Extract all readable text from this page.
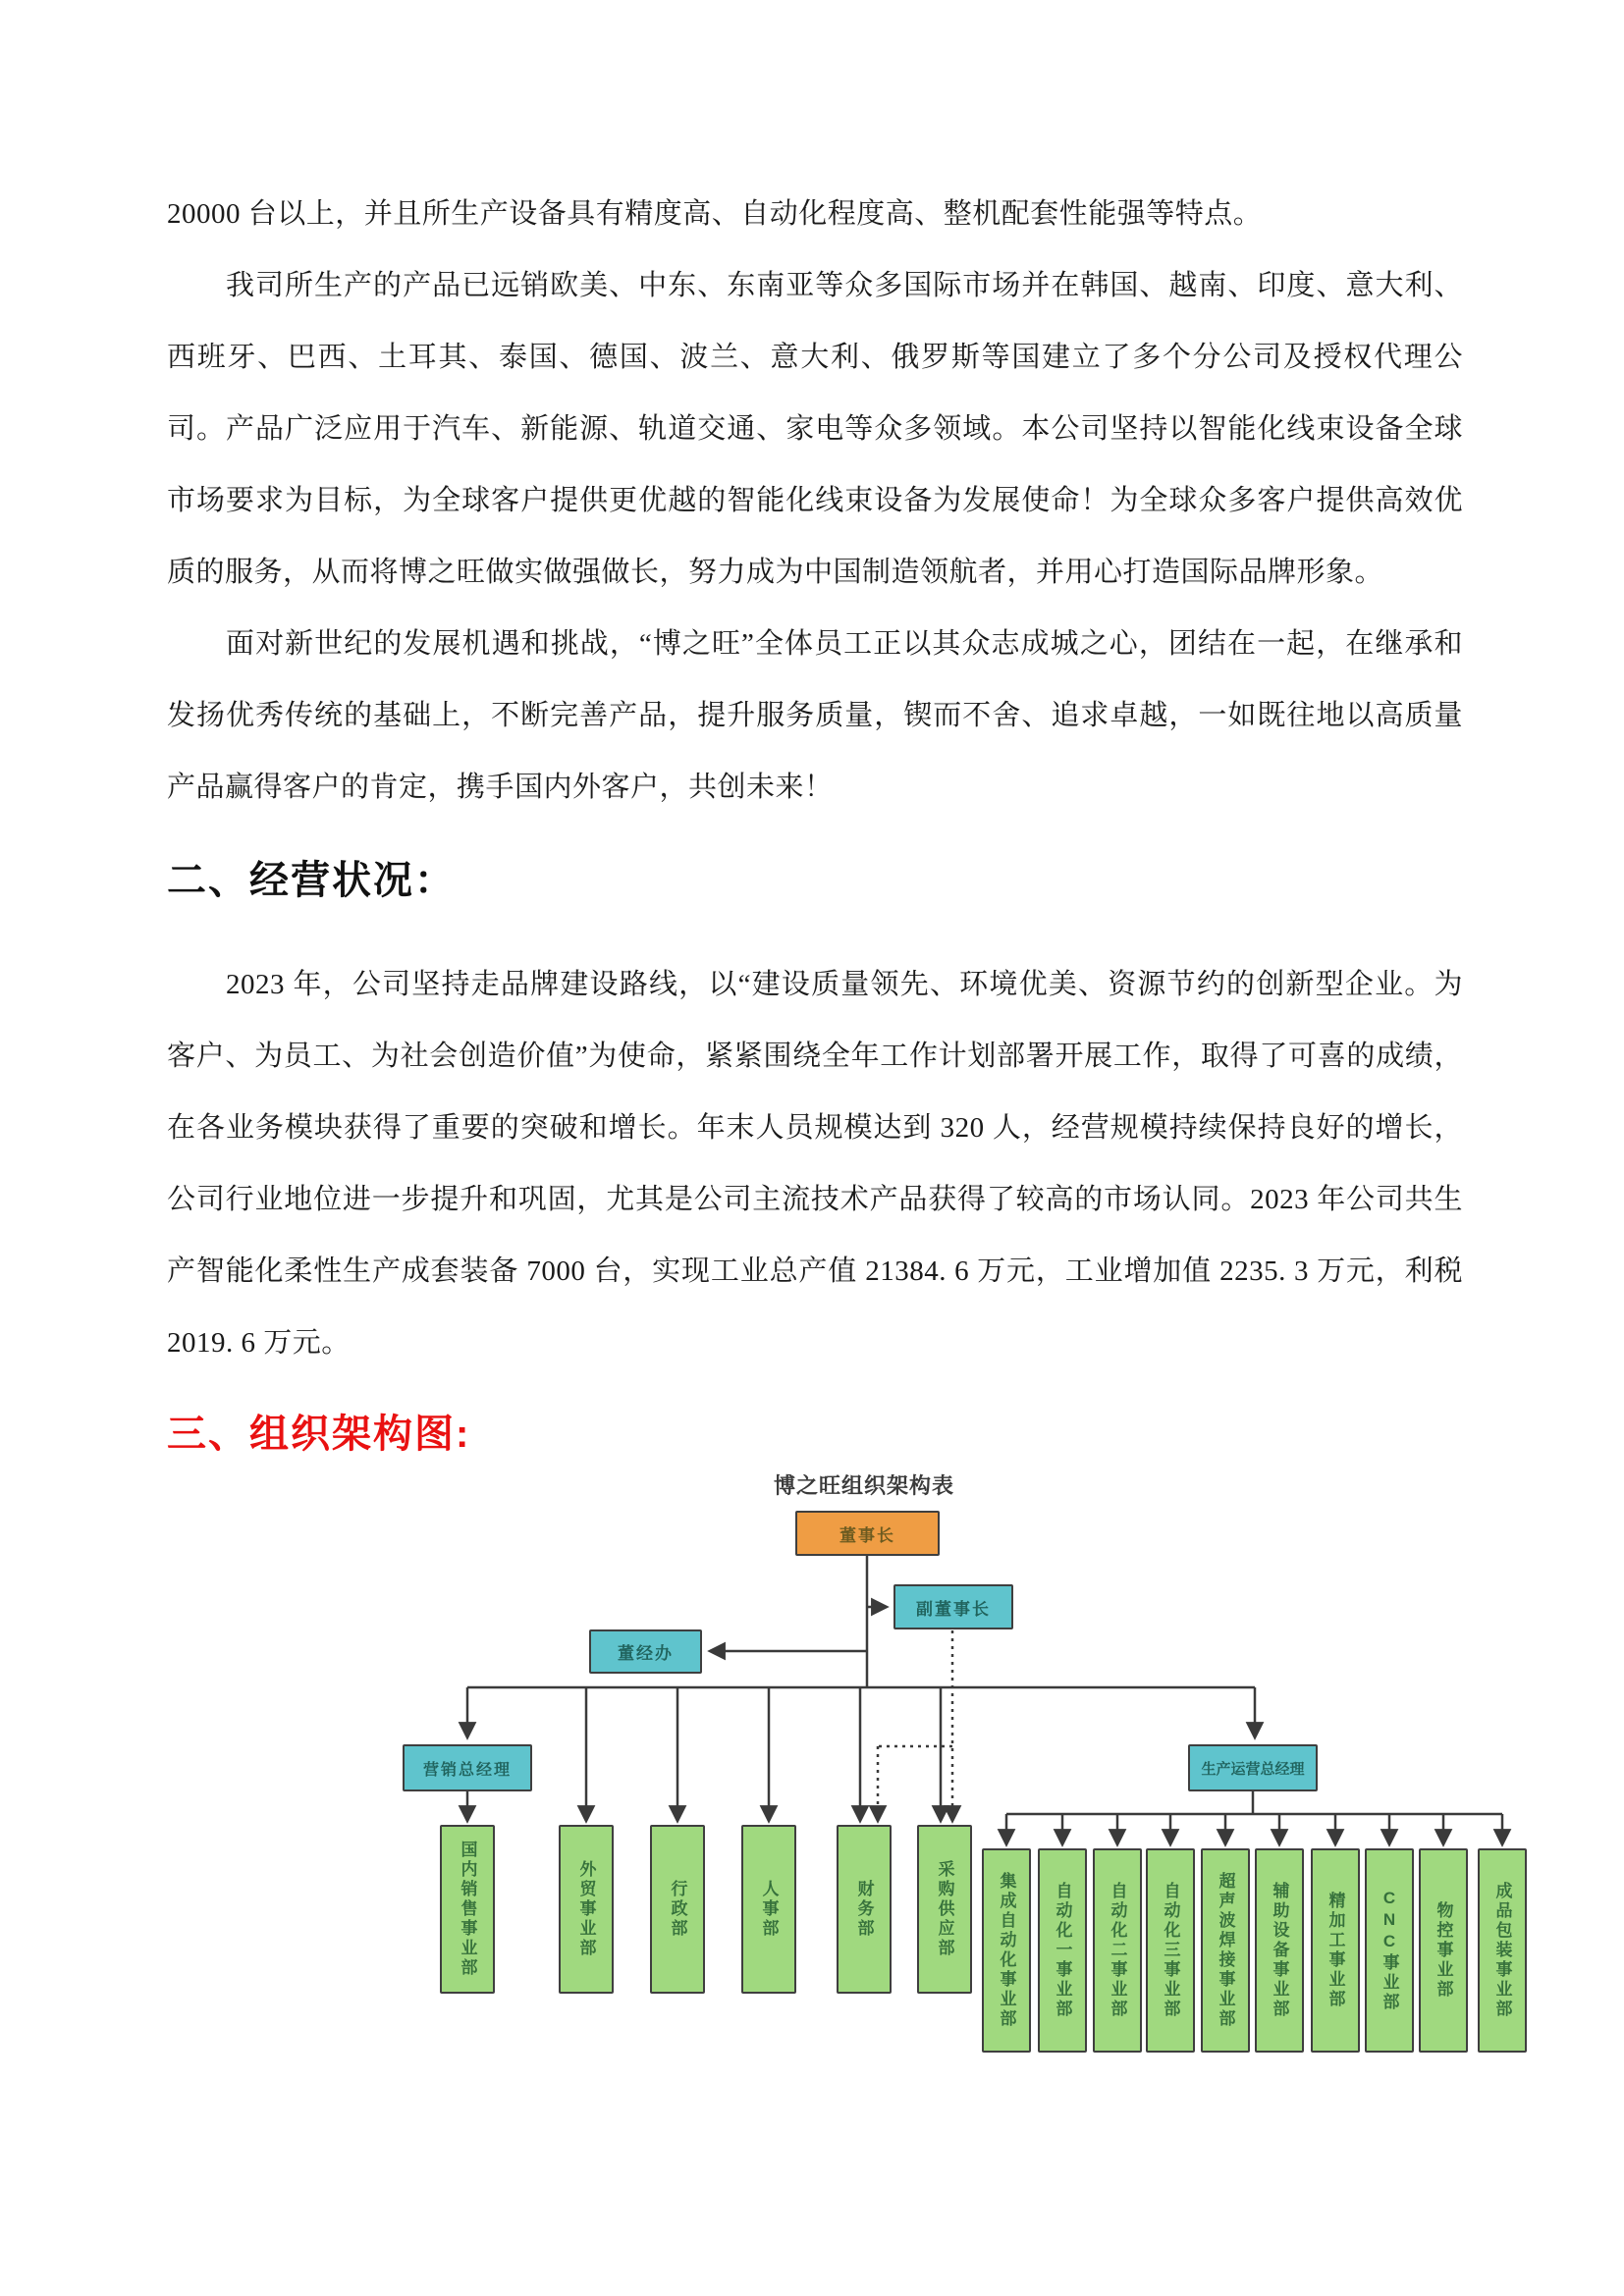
20000 台以上，并且所生产设备具有精度高、自动化程度高、整机配套性能强等特点。

我司所生产的产品已远销欧美、中东、东南亚等众多国际市场并在韩国、越南、印度、意大利、西班牙、巴西、土耳其、泰国、德国、波兰、意大利、俄罗斯等国建立了多个分公司及授权代理公司。产品广泛应用于汽车、新能源、轨道交通、家电等众多领域。本公司坚持以智能化线束设备全球市场要求为目标，为全球客户提供更优越的智能化线束设备为发展使命！为全球众多客户提供高效优质的服务，从而将博之旺做实做强做长，努力成为中国制造领航者，并用心打造国际品牌形象。

面对新世纪的发展机遇和挑战，“博之旺”全体员工正以其众志成城之心，团结在一起，在继承和发扬优秀传统的基础上，不断完善产品，提升服务质量，锲而不舍、追求卓越，一如既往地以高质量产品赢得客户的肯定，携手国内外客户，共创未来！

二、经营状况：

2023 年，公司坚持走品牌建设路线，以“建设质量领先、环境优美、资源节约的创新型企业。为客户、为员工、为社会创造价值”为使命，紧紧围绕全年工作计划部署开展工作，取得了可喜的成绩，在各业务模块获得了重要的突破和增长。年末人员规模达到 320 人，经营规模持续保持良好的增长，公司行业地位进一步提升和巩固，尤其是公司主流技术产品获得了较高的市场认同。2023 年公司共生产智能化柔性生产成套装备 7000 台，实现工业总产值 21384. 6 万元，工业增加值 2235. 3 万元，利税 2019. 6 万元。

三、组织架构图:
博之旺组织架构表
董事长
副董事长
董经办
营销总经理	生产运营总经理
国内销售事业部	外贸事业部	行政部	人事部	财务部	采购供应部	集成自动化事业部	自动化一事业部	自动化二事业部	自动化三事业部	超声波焊接事业部	辅助设备事业部	精加工事业部	CNC事业部	物控事业部	成品包装事业部
